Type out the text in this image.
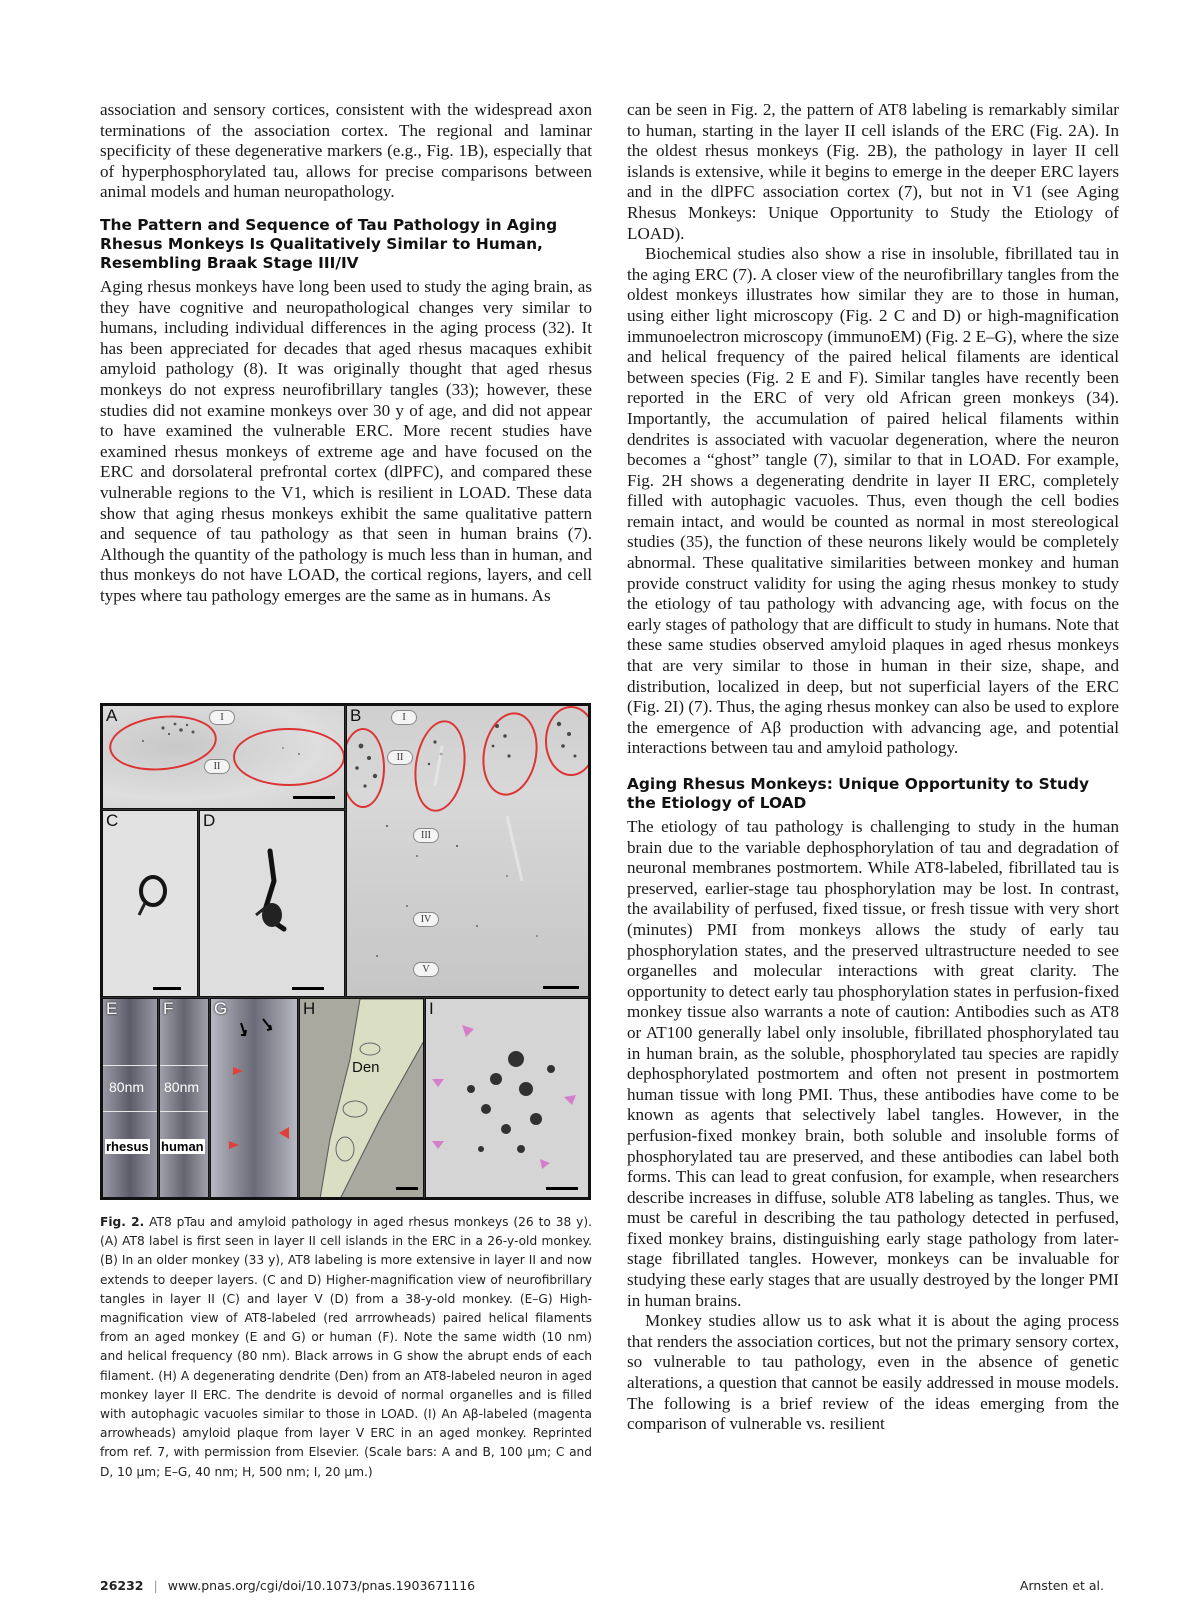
association and sensory cortices, consistent with the widespread axon terminations of the association cortex. The regional and laminar specificity of these degenerative markers (e.g., Fig. 1B), especially that of hyperphosphorylated tau, allows for precise comparisons between animal models and human neuropathology.

The Pattern and Sequence of Tau Pathology in Aging Rhesus Monkeys Is Qualitatively Similar to Human, Resembling Braak Stage III/IV

Aging rhesus monkeys have long been used to study the aging brain, as they have cognitive and neuropathological changes very similar to humans, including individual differences in the aging process (32). It has been appreciated for decades that aged rhesus macaques exhibit amyloid pathology (8). It was originally thought that aged rhesus monkeys do not express neurofibrillary tangles (33); however, these studies did not examine monkeys over 30 y of age, and did not appear to have examined the vulnerable ERC. More recent studies have examined rhesus monkeys of extreme age and have focused on the ERC and dorsolateral prefrontal cortex (dlPFC), and compared these vulnerable regions to the V1, which is resilient in LOAD. These data show that aging rhesus monkeys exhibit the same qualitative pattern and sequence of tau pathology as that seen in human brains (7). Although the quantity of the pathology is much less than in human, and thus monkeys do not have LOAD, the cortical regions, layers, and cell types where tau pathology emerges are the same as in humans. As

can be seen in Fig. 2, the pattern of AT8 labeling is remarkably similar to human, starting in the layer II cell islands of the ERC (Fig. 2A). In the oldest rhesus monkeys (Fig. 2B), the pathology in layer II cell islands is extensive, while it begins to emerge in the deeper ERC layers and in the dlPFC association cortex (7), but not in V1 (see Aging Rhesus Monkeys: Unique Opportunity to Study the Etiology of LOAD).

Biochemical studies also show a rise in insoluble, fibrillated tau in the aging ERC (7). A closer view of the neurofibrillary tangles from the oldest monkeys illustrates how similar they are to those in human, using either light microscopy (Fig. 2 C and D) or high-magnification immunoelectron microscopy (immunoEM) (Fig. 2 E–G), where the size and helical frequency of the paired helical filaments are identical between species (Fig. 2 E and F). Similar tangles have recently been reported in the ERC of very old African green monkeys (34). Importantly, the accumulation of paired helical filaments within dendrites is associated with vacuolar degeneration, where the neuron becomes a “ghost” tangle (7), similar to that in LOAD. For example, Fig. 2H shows a degenerating dendrite in layer II ERC, completely filled with autophagic vacuoles. Thus, even though the cell bodies remain intact, and would be counted as normal in most stereological studies (35), the function of these neurons likely would be completely abnormal. These qualitative similarities between monkey and human provide construct validity for using the aging rhesus monkey to study the etiology of tau pathology with advancing age, with focus on the early stages of pathology that are difficult to study in humans. Note that these same studies observed amyloid plaques in aged rhesus monkeys that are very similar to those in human in their size, shape, and distribution, localized in deep, but not superficial layers of the ERC (Fig. 2I) (7). Thus, the aging rhesus monkey can also be used to explore the emergence of Aβ production with advancing age, and potential interactions between tau and amyloid pathology.

Aging Rhesus Monkeys: Unique Opportunity to Study the Etiology of LOAD

The etiology of tau pathology is challenging to study in the human brain due to the variable dephosphorylation of tau and degradation of neuronal membranes postmortem. While AT8-labeled, fibrillated tau is preserved, earlier-stage tau phosphorylation may be lost. In contrast, the availability of perfused, fixed tissue, or fresh tissue with very short (minutes) PMI from monkeys allows the study of early tau phosphorylation states, and the preserved ultrastructure needed to see organelles and molecular interactions with great clarity. The opportunity to detect early tau phosphorylation states in perfusion-fixed monkey tissue also warrants a note of caution: Antibodies such as AT8 or AT100 generally label only insoluble, fibrillated phosphorylated tau in human brain, as the soluble, phosphorylated tau species are rapidly dephosphorylated postmortem and often not present in postmortem human tissue with long PMI. Thus, these antibodies have come to be known as agents that selectively label tangles. However, in the perfusion-fixed monkey brain, both soluble and insoluble forms of phosphorylated tau are preserved, and these antibodies can label both forms. This can lead to great confusion, for example, when researchers describe increases in diffuse, soluble AT8 labeling as tangles. Thus, we must be careful in describing the tau pathology detected in perfused, fixed monkey brains, distinguishing early stage pathology from later-stage fibrillated tangles. However, monkeys can be invaluable for studying these early stages that are usually destroyed by the longer PMI in human brains.

Monkey studies allow us to ask what it is about the aging process that renders the association cortices, but not the primary sensory cortex, so vulnerable to tau pathology, even in the absence of genetic alterations, a question that cannot be easily addressed in mouse models. The following is a brief review of the ideas emerging from the comparison of vulnerable vs. resilient

I
II
A	I
II
III
IV
V
B
C	D
E
80nm
rhesus
F
80nm
human
G
Den
H	I
Fig. 2. AT8 pTau and amyloid pathology in aged rhesus monkeys (26 to 38 y). (A) AT8 label is first seen in layer II cell islands in the ERC in a 26-y-old monkey. (B) In an older monkey (33 y), AT8 labeling is more extensive in layer II and now extends to deeper layers. (C and D) Higher-magnification view of neurofibrillary tangles in layer II (C) and layer V (D) from a 38-y-old monkey. (E–G) High-magnification view of AT8-labeled (red arrrowheads) paired helical filaments from an aged monkey (E and G) or human (F). Note the same width (10 nm) and helical frequency (80 nm). Black arrows in G show the abrupt ends of each filament. (H) A degenerating dendrite (Den) from an AT8-labeled neuron in aged monkey layer II ERC. The dendrite is devoid of normal organelles and is filled with autophagic vacuoles similar to those in LOAD. (I) An Aβ-labeled (magenta arrowheads) amyloid plaque from layer V ERC in an aged monkey. Reprinted from ref. 7, with permission from Elsevier. (Scale bars: A and B, 100 μm; C and D, 10 μm; E–G, 40 nm; H, 500 nm; I, 20 μm.)
26232 | www.pnas.org/cgi/doi/10.1073/pnas.1903671116	Arnsten et al.
